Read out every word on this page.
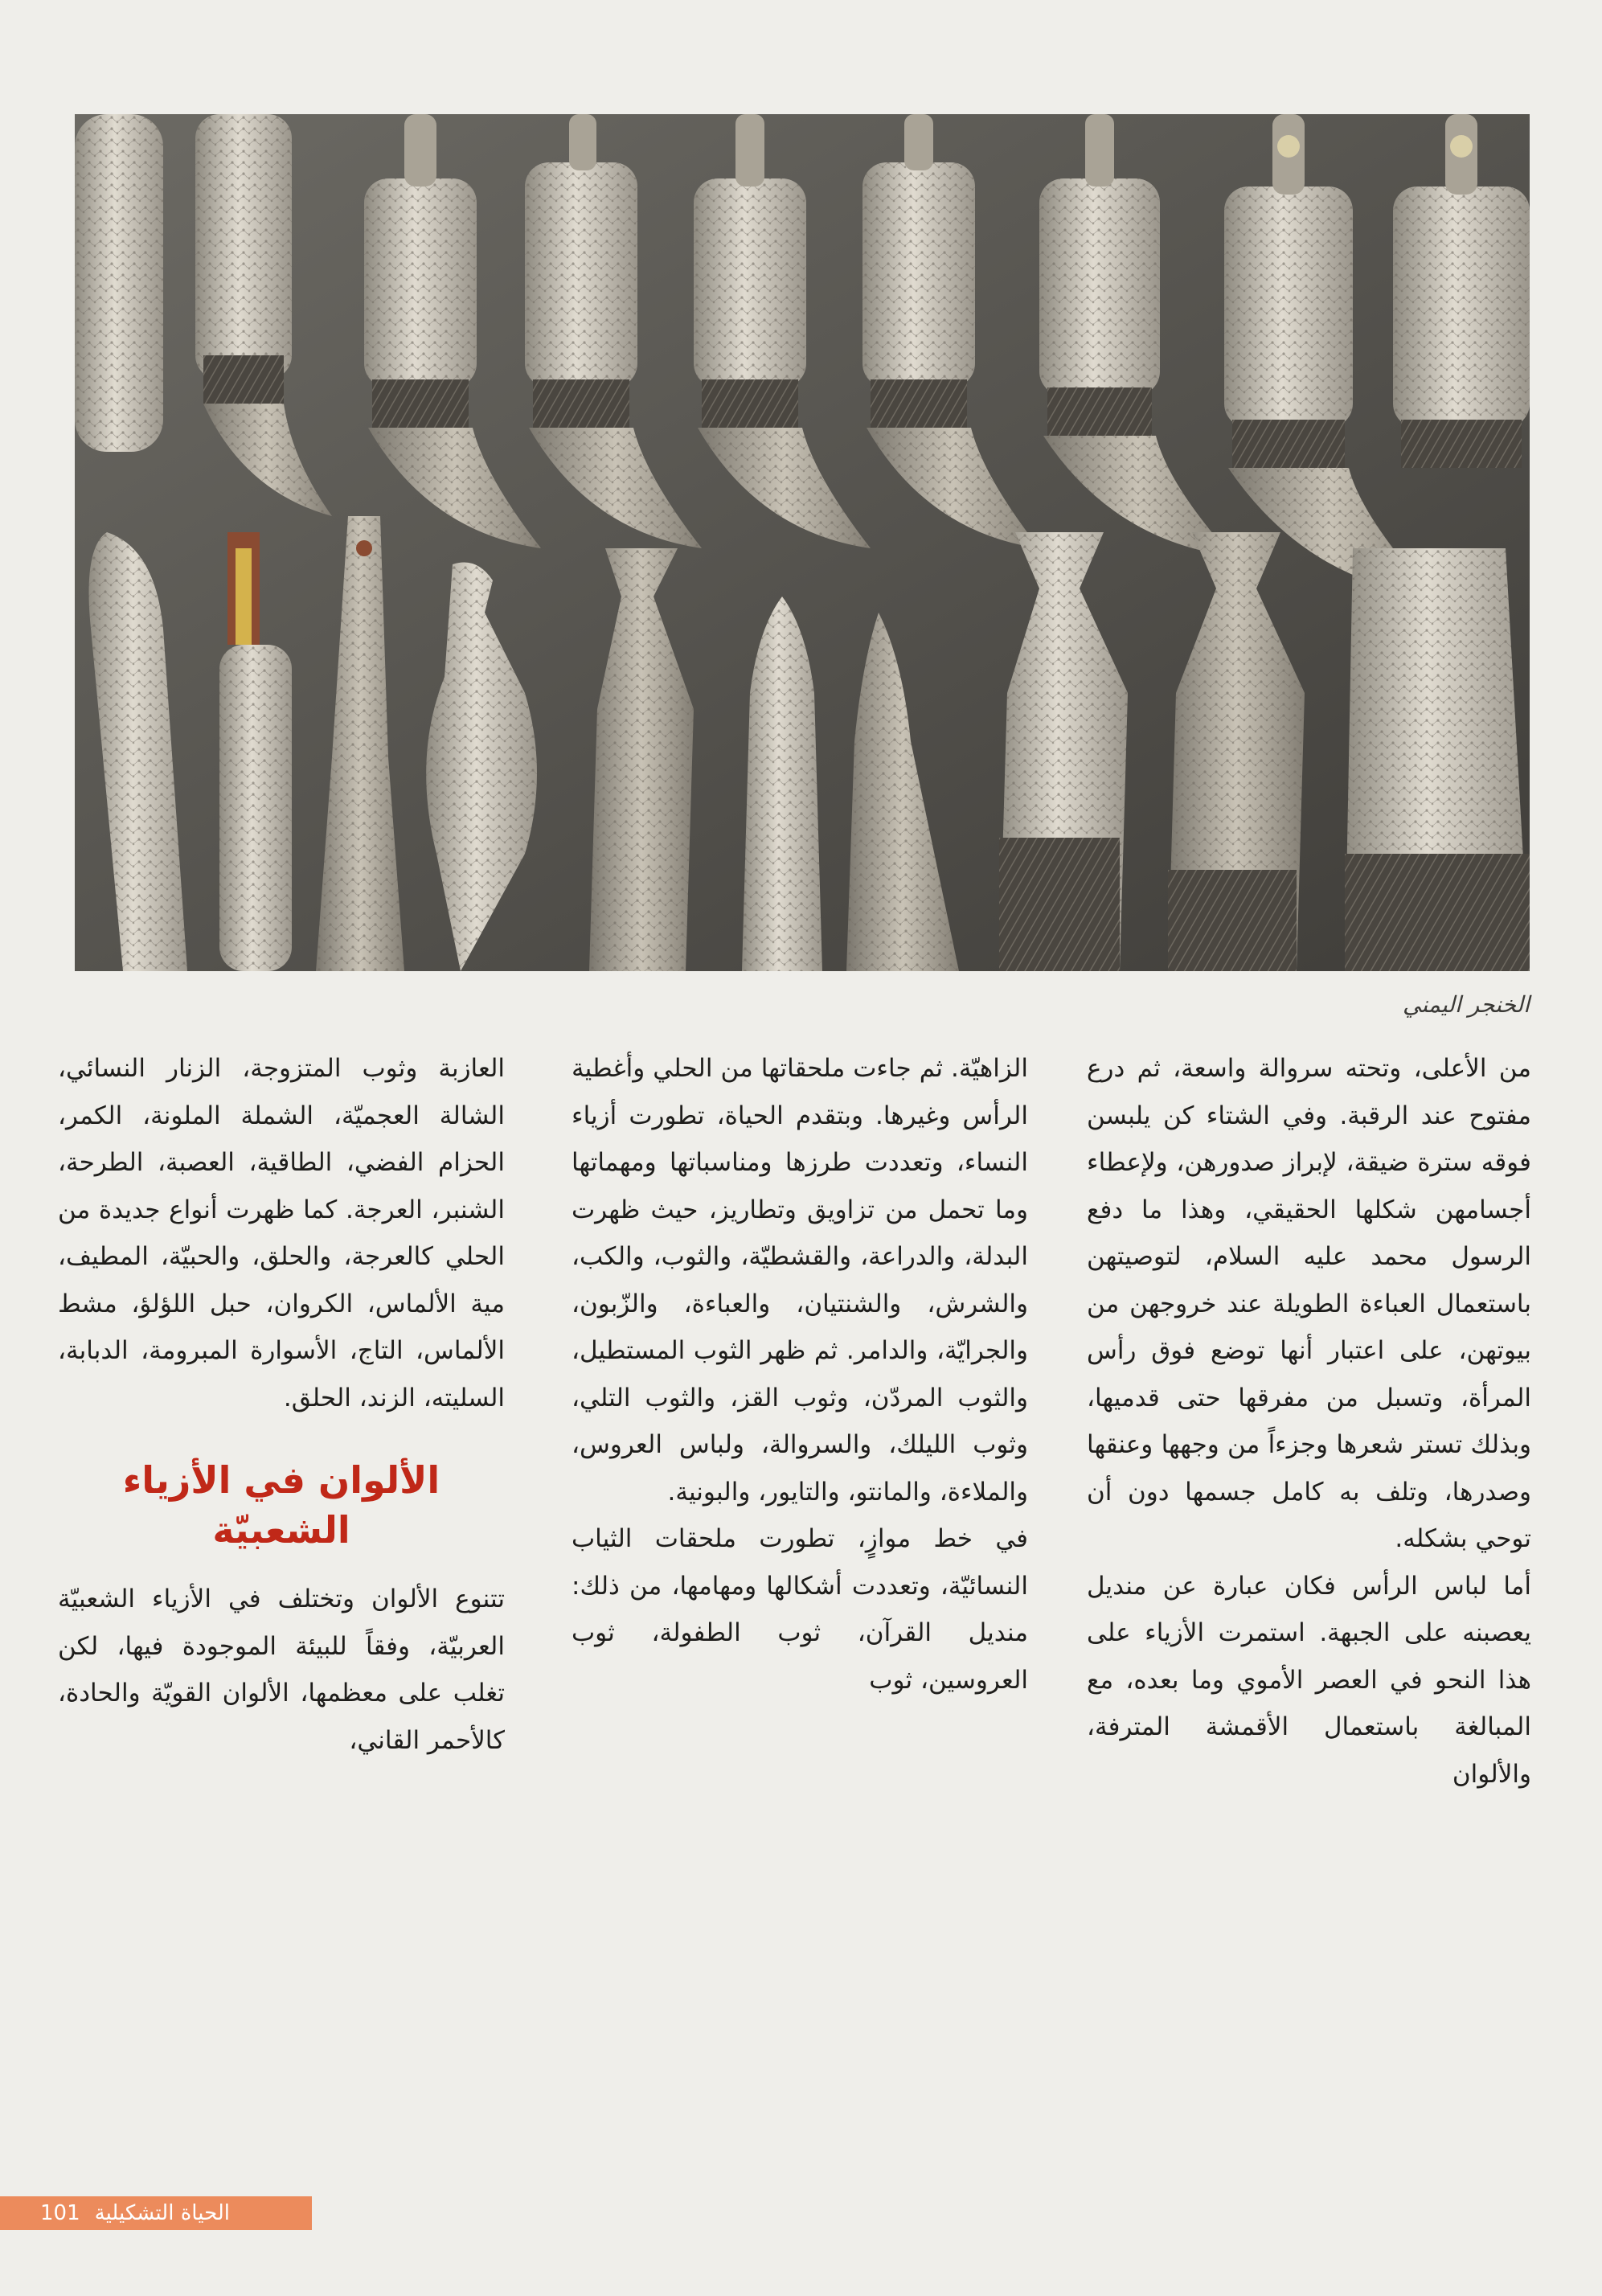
الخنجر اليمني

من الأعلى، وتحته سروالة واسعة، ثم درع مفتوح عند الرقبة. وفي الشتاء كن يلبسن فوقه سترة ضيقة، لإبراز صدورهن، ولإعطاء أجسامهن شكلها الحقيقي، وهذا ما دفع الرسول محمد عليه السلام، لتوصيتهن باستعمال العباءة الطويلة عند خروجهن من بيوتهن، على اعتبار أنها توضع فوق رأس المرأة، وتسبل من مفرقها حتى قدميها، وبذلك تستر شعرها وجزءاً من وجهها وعنقها وصدرها، وتلف به كامل جسمها دون أن توحي بشكله.

أما لباس الرأس فكان عبارة عن منديل يعصبنه على الجبهة. استمرت الأزياء على هذا النحو في العصر الأموي وما بعده، مع المبالغة باستعمال الأقمشة المترفة، والألوان

الزاهيّة. ثم جاءت ملحقاتها من الحلي وأغطية الرأس وغيرها. وبتقدم الحياة، تطورت أزياء النساء، وتعددت طرزها ومناسباتها ومهماتها وما تحمل من تزاويق وتطاريز، حيث ظهرت البدلة، والدراعة، والقشطيّة، والثوب، والكب، والشرش، والشنتيان، والعباءة، والزّبون، والجرايّة، والدامر. ثم ظهر الثوب المستطيل، والثوب المردّن، وثوب القز، والثوب التلي، وثوب الليلك، والسروالة، ولباس العروس، والملاءة، والمانتو، والتايور، والبونية.

في خط موازٍ، تطورت ملحقات الثياب النسائيّة، وتعددت أشكالها ومهامها، من ذلك: منديل القرآن، ثوب الطفولة، ثوب العروسين، ثوب

العازبة وثوب المتزوجة، الزنار النسائي، الشالة العجميّة، الشملة الملونة، الكمر، الحزام الفضي، الطاقية، العصبة، الطرحة، الشنبر، العرجة. كما ظهرت أنواع جديدة من الحلي كالعرجة، والحلق، والحبيّة، المطيف، مية الألماس، الكروان، حبل اللؤلؤ، مشط الألماس، التاج، الأسوارة المبرومة، الدبابة، السليته، الزند، الحلق.

الألوان في الأزياء الشعبيّة

تتنوع الألوان وتختلف في الأزياء الشعبيّة العربيّة، وفقاً للبيئة الموجودة فيها، لكن تغلب على معظمها، الألوان القويّة والحادة، كالأحمر القاني،

101 الحياة التشكيلية
